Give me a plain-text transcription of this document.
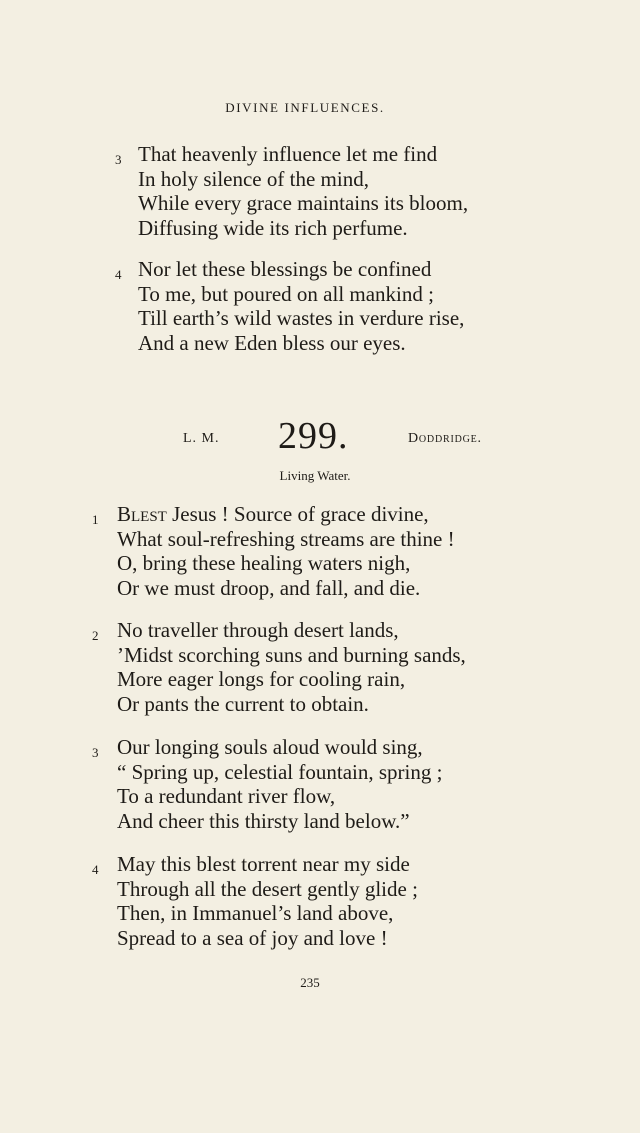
DIVINE INFLUENCES.
3 That heavenly influence let me find
In holy silence of the mind,
While every grace maintains its bloom,
Diffusing wide its rich perfume.
4 Nor let these blessings be confined
To me, but poured on all mankind ;
Till earth’s wild wastes in verdure rise,
And a new Eden bless our eyes.
L. M. 299.	Doddridge.
Living Water.
1 Blest Jesus ! Source of grace divine,
What soul-refreshing streams are thine !
O, bring these healing waters nigh,
Or we must droop, and fall, and die.
2 No traveller through desert lands,
’Midst scorching suns and burning sands,
More eager longs for cooling rain,
Or pants the current to obtain.
3 Our longing souls aloud would sing,
“ Spring up, celestial fountain, spring ;
To a redundant river flow,
And cheer this thirsty land below.”
4 May this blest torrent near my side
Through all the desert gently glide ;
Then, in Immanuel’s land above,
Spread to a sea of joy and love !
235
